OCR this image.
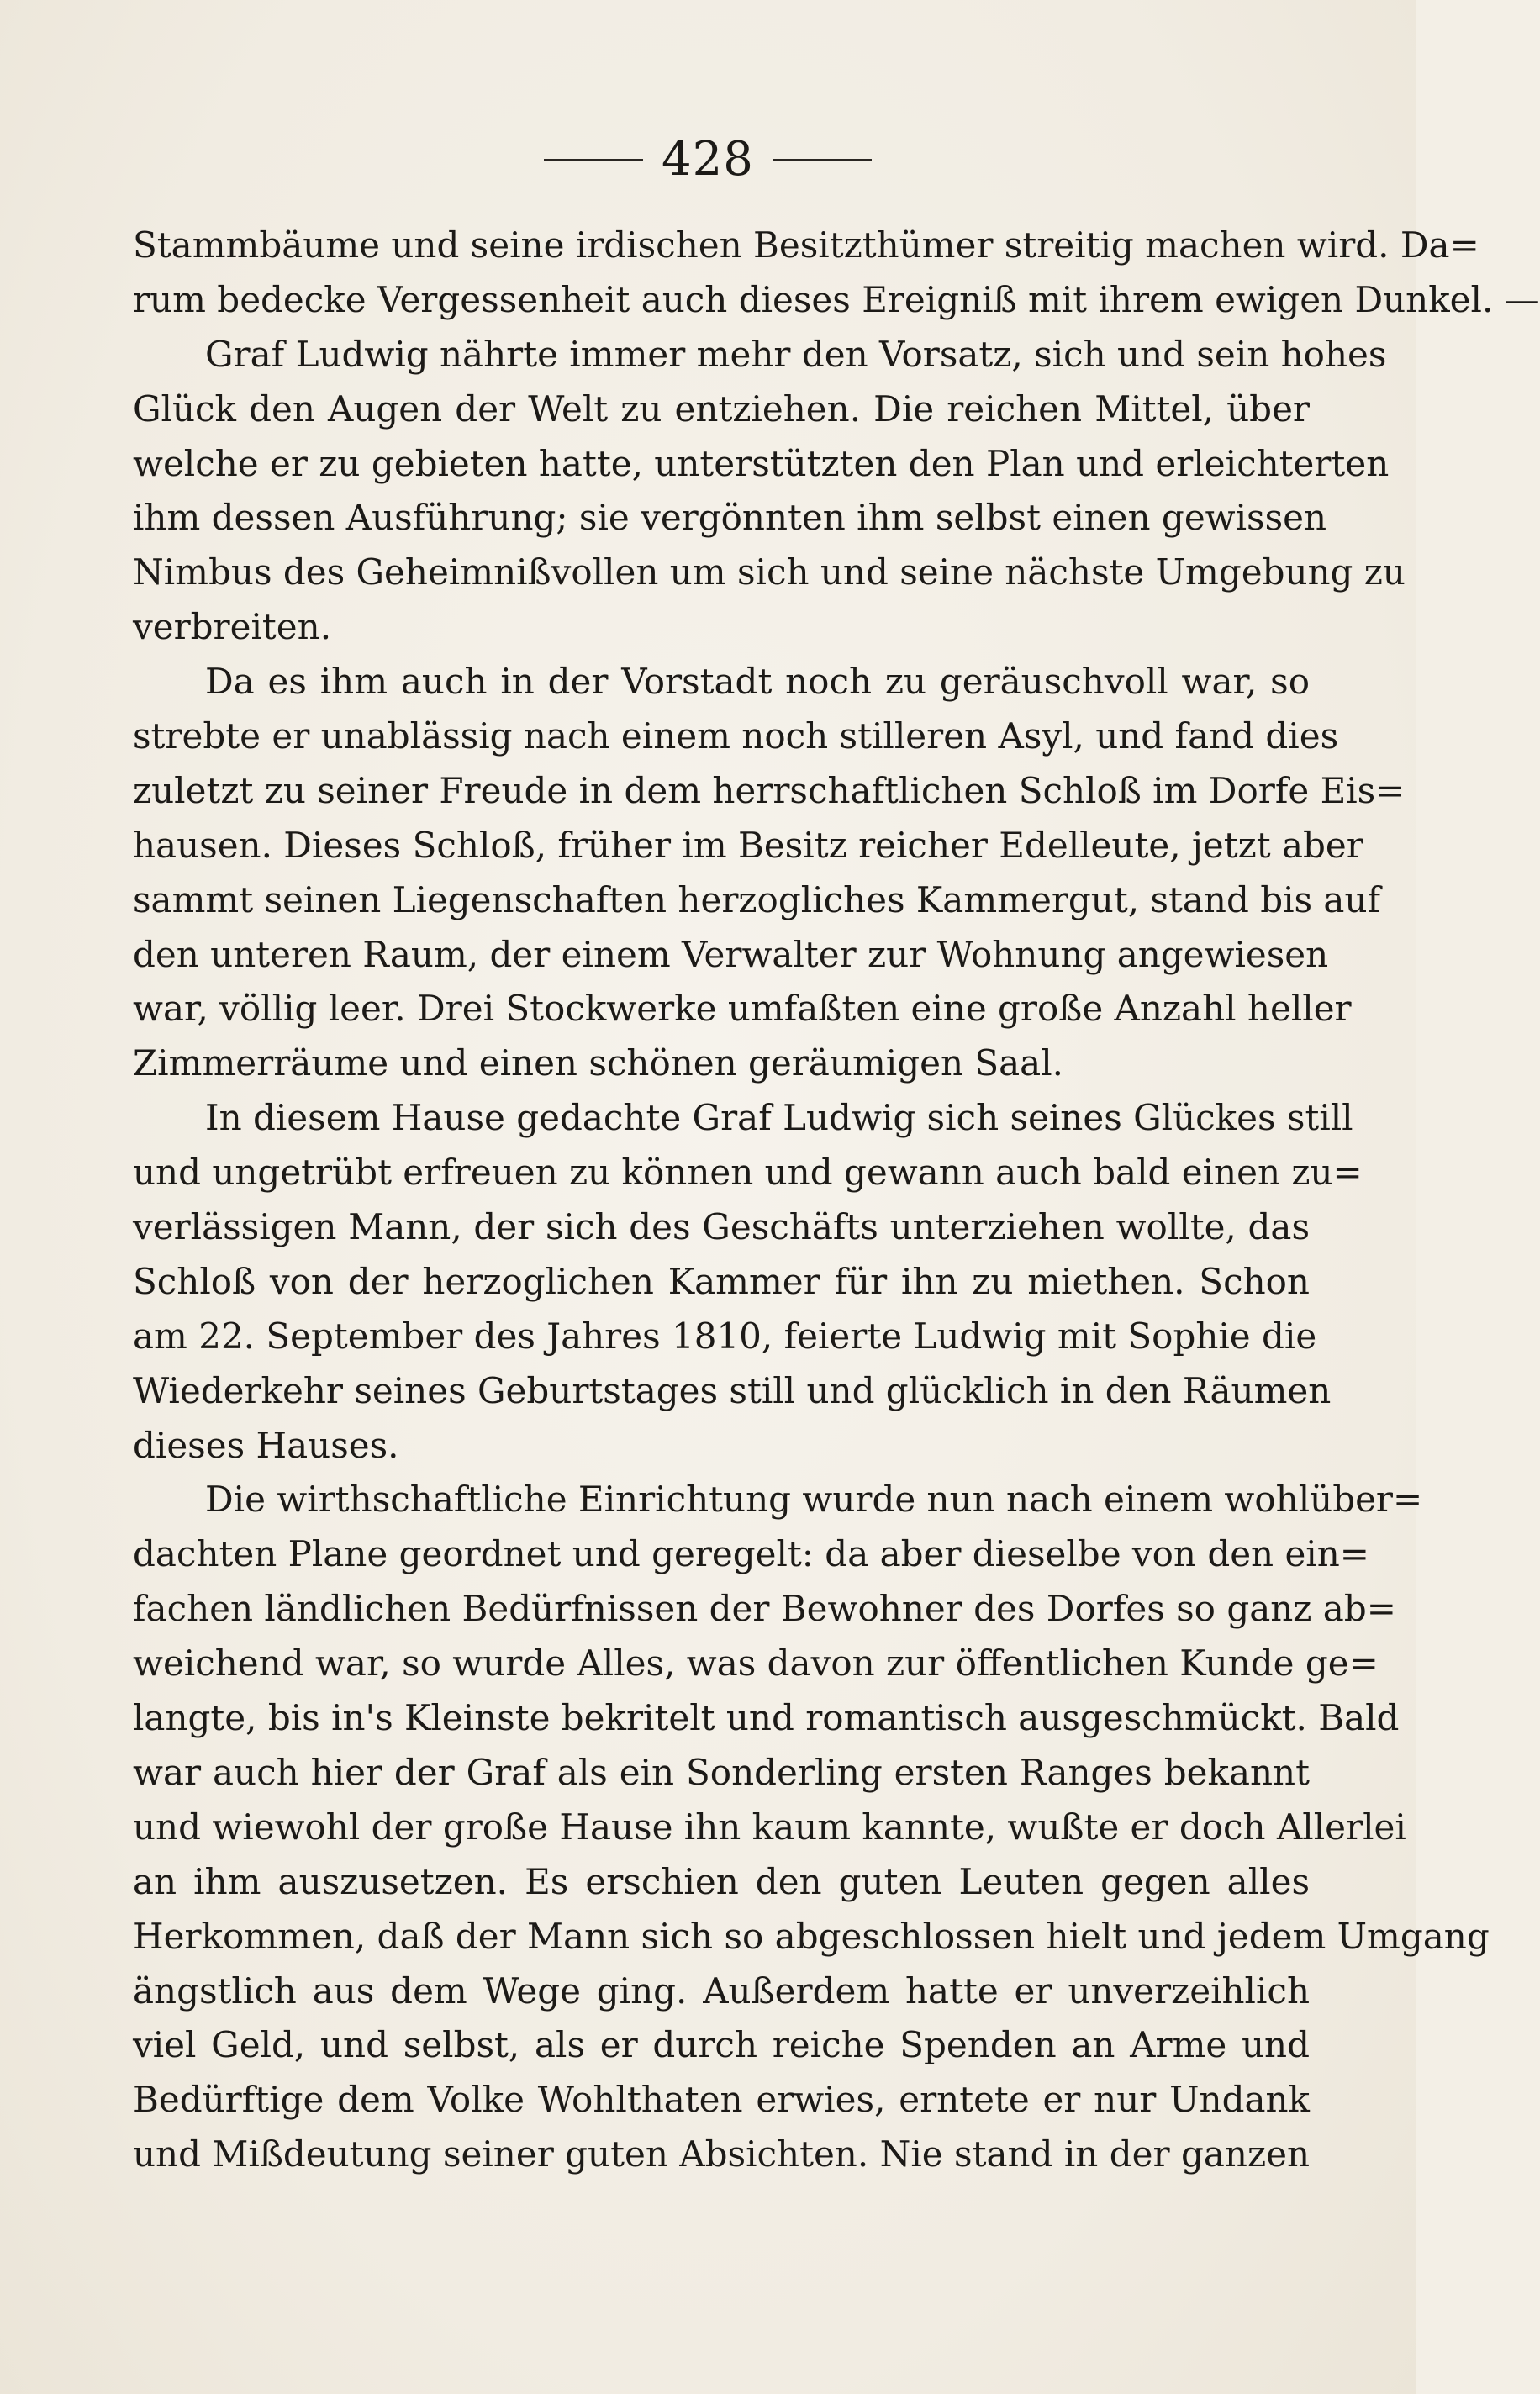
428
Stammbäume und seine irdischen Besitzthümer streitig machen wird. Da=
rum bedecke Vergessenheit auch dieses Ereigniß mit ihrem ewigen Dunkel. —
Graf Ludwig nährte immer mehr den Vorsatz, sich und sein hohes
Glück den Augen der Welt zu entziehen. Die reichen Mittel, über
welche er zu gebieten hatte, unterstützten den Plan und erleichterten
ihm dessen Ausführung; sie vergönnten ihm selbst einen gewissen
Nimbus des Geheimnißvollen um sich und seine nächste Umgebung zu
verbreiten.
Da es ihm auch in der Vorstadt noch zu geräuschvoll war, so
strebte er unablässig nach einem noch stilleren Asyl, und fand dies
zuletzt zu seiner Freude in dem herrschaftlichen Schloß im Dorfe Eis=
hausen. Dieses Schloß, früher im Besitz reicher Edelleute, jetzt aber
sammt seinen Liegenschaften herzogliches Kammergut, stand bis auf
den unteren Raum, der einem Verwalter zur Wohnung angewiesen
war, völlig leer. Drei Stockwerke umfaßten eine große Anzahl heller
Zimmerräume und einen schönen geräumigen Saal.
In diesem Hause gedachte Graf Ludwig sich seines Glückes still
und ungetrübt erfreuen zu können und gewann auch bald einen zu=
verlässigen Mann, der sich des Geschäfts unterziehen wollte, das
Schloß von der herzoglichen Kammer für ihn zu miethen. Schon
am 22. September des Jahres 1810, feierte Ludwig mit Sophie die
Wiederkehr seines Geburtstages still und glücklich in den Räumen
dieses Hauses.
Die wirthschaftliche Einrichtung wurde nun nach einem wohlüber=
dachten Plane geordnet und geregelt: da aber dieselbe von den ein=
fachen ländlichen Bedürfnissen der Bewohner des Dorfes so ganz ab=
weichend war, so wurde Alles, was davon zur öffentlichen Kunde ge=
langte, bis in's Kleinste bekritelt und romantisch ausgeschmückt. Bald
war auch hier der Graf als ein Sonderling ersten Ranges bekannt
und wiewohl der große Hause ihn kaum kannte, wußte er doch Allerlei
an ihm auszusetzen. Es erschien den guten Leuten gegen alles
Herkommen, daß der Mann sich so abgeschlossen hielt und jedem Umgang
ängstlich aus dem Wege ging. Außerdem hatte er unverzeihlich
viel Geld, und selbst, als er durch reiche Spenden an Arme und
Bedürftige dem Volke Wohlthaten erwies, erntete er nur Undank
und Mißdeutung seiner guten Absichten. Nie stand in der ganzen
